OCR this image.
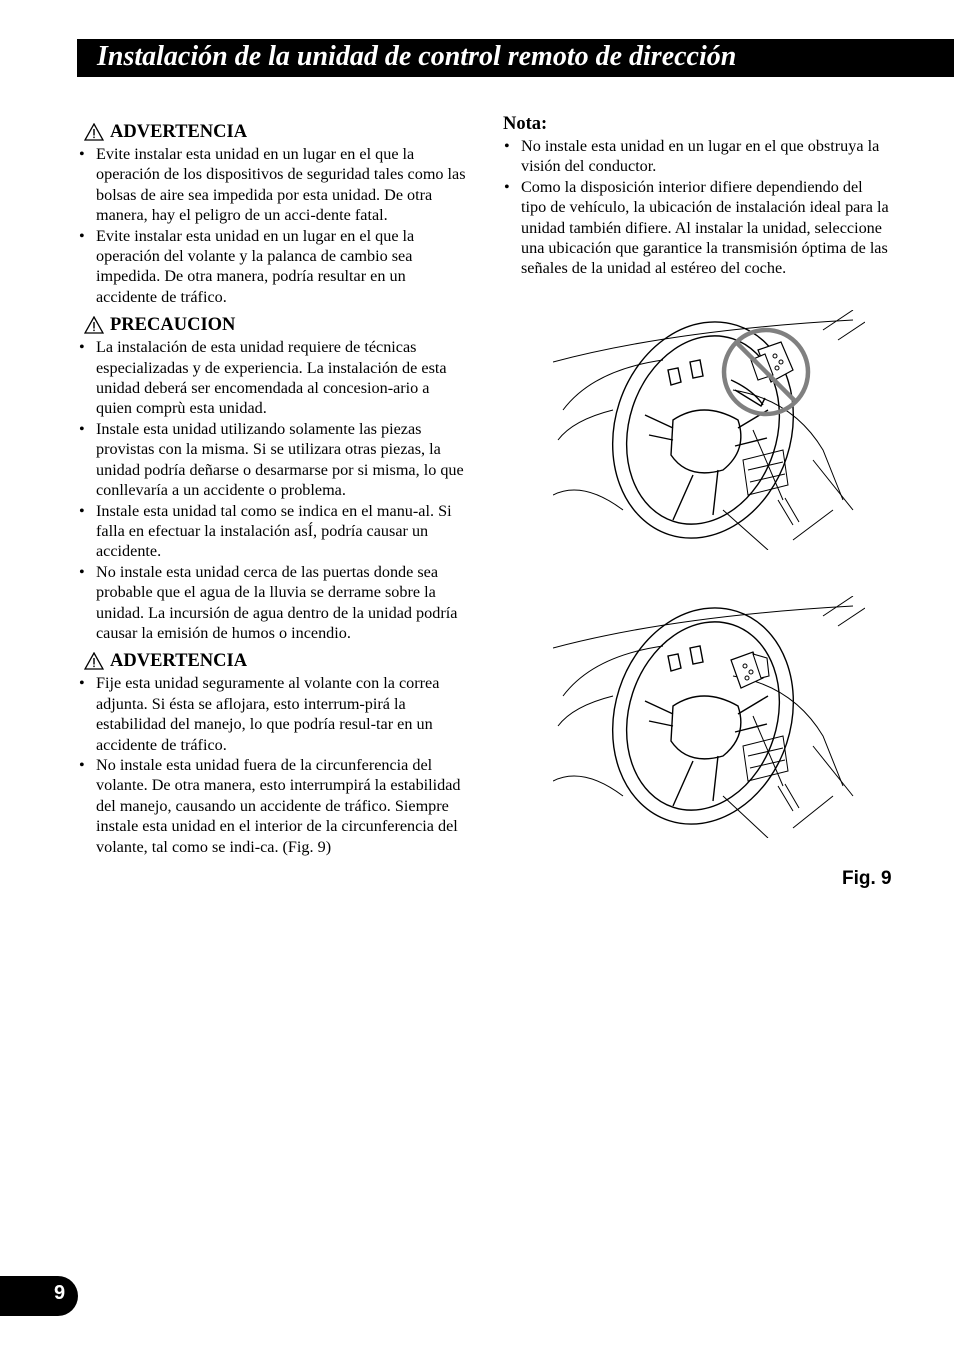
Instalación de la unidad de control remoto de dirección
ADVERTENCIA
• Evite instalar esta unidad en un lugar en el que la operación de los dispositivos de seguridad tales como las bolsas de aire sea impedida por esta unidad. De otra manera, hay el peligro de un acci-dente fatal.
• Evite instalar esta unidad en un lugar en el que la operación del volante y la palanca de cambio sea impedida. De otra manera, podría resultar en un accidente de tráfico.
PRECAUCION
• La instalación de esta unidad requiere de técnicas especializadas y de experiencia. La instalación de esta unidad deberá ser encomendada al concesion-ario a quien comprù esta unidad.
• Instale esta unidad utilizando solamente las piezas provistas con la misma. Si se utilizara otras piezas, la unidad podría deñarse o desarmarse por si misma, lo que conllevaría a un accidente o problema.
• Instale esta unidad tal como se indica en el manu-al. Si falla en efectuar la instalación asÍ, podría causar un accidente.
• No instale esta unidad cerca de las puertas donde sea probable que el agua de la lluvia se derrame sobre la unidad. La incursión de agua dentro de la unidad podría causar la emisión de humos o incendio.
ADVERTENCIA
• Fije esta unidad seguramente al volante con la correa adjunta. Si ésta se aflojara, esto interrum-pirá la estabilidad del manejo, lo que podría resul-tar en un accidente de tráfico.
• No instale esta unidad fuera de la circunferencia del volante. De otra manera, esto interrumpirá la estabilidad del manejo, causando un accidente de tráfico. Siempre instale esta unidad en el interior de la circunferencia del volante, tal como se indi-ca. (Fig. 9)
Nota:
• No instale esta unidad en un lugar en el que obstruya la visión del conductor.
• Como la disposición interior difiere dependiendo del tipo de vehículo, la ubicación de instalación ideal para la unidad también difiere. Al instalar la unidad, seleccione una ubicación que garantice la transmisión óptima de las señales de la unidad al estéreo del coche.
Fig. 9
9
